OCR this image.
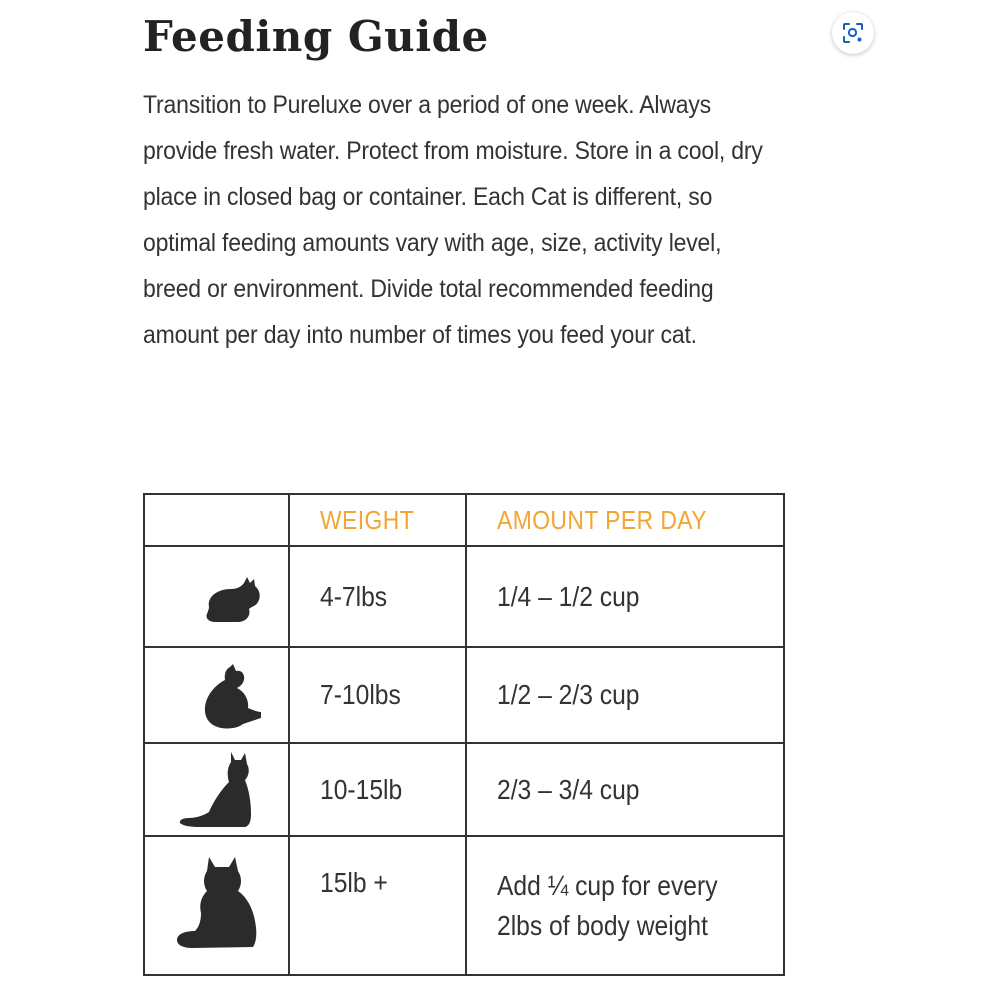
Feeding Guide

Transition to Pureluxe over a period of one week. Always provide fresh water. Protect from moisture. Store in a cool, dry place in closed bag or container. Each Cat is different, so optimal feeding amounts vary with age, size, activity level, breed or environment. Divide total recommended feeding amount per day into number of times you feed your cat.

	WEIGHT	AMOUNT PER DAY

	4-7lbs	1/4 – 1/2 cup

	7-10lbs	1/2 – 2/3 cup

	10-15lb	2/3 – 3/4 cup

	15lb +	Add ¼ cup for every
2lbs of body weight
